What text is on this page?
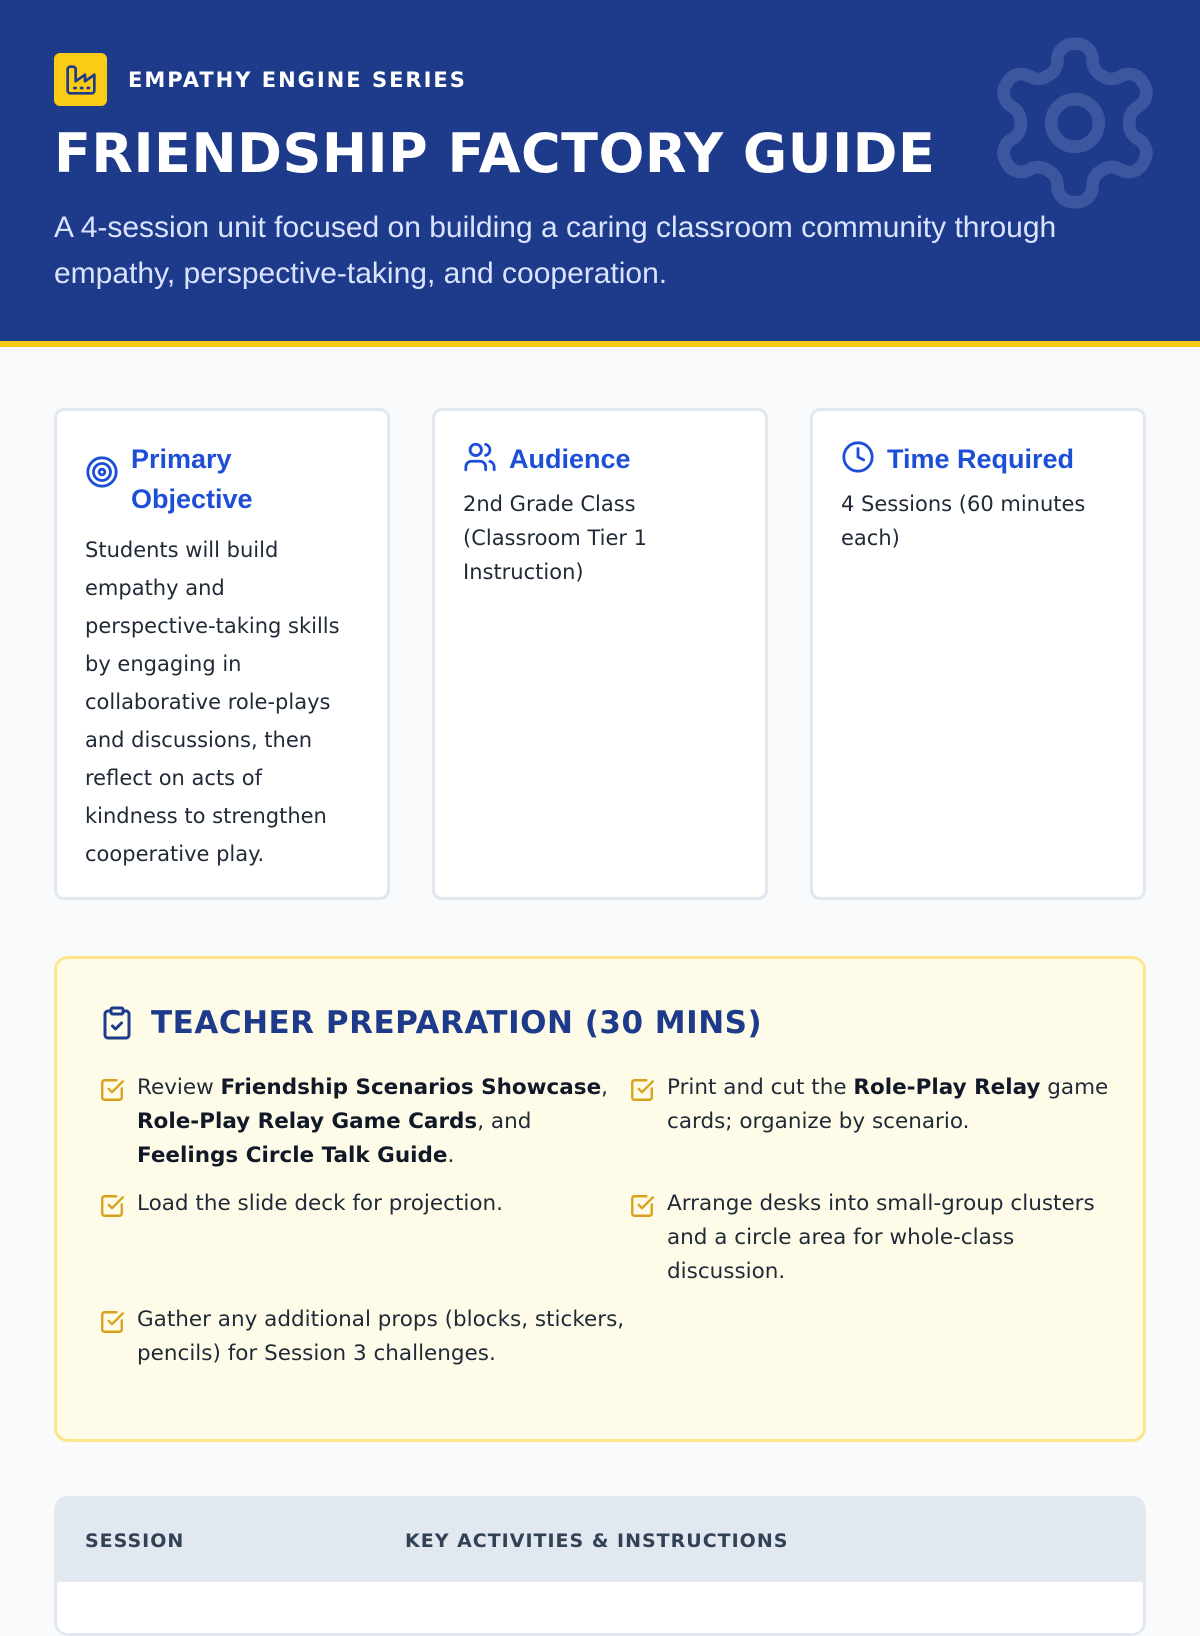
EMPATHY ENGINE SERIES
FRIENDSHIP FACTORY GUIDE

A 4-session unit focused on building a caring classroom community through empathy, perspective-taking, and cooperation.

Primary Objective

Students will build empathy and perspective-taking skills by engaging in collaborative role-plays and discussions, then reflect on acts of kindness to strengthen cooperative play.

Audience

2nd Grade Class (Classroom Tier 1 Instruction)

Time Required

4 Sessions (60 minutes each)

TEACHER PREPARATION (30 MINS)
Review Friendship Scenarios Showcase, Role-Play Relay Game Cards, and Feelings Circle Talk Guide.
Print and cut the Role-Play Relay game cards; organize by scenario.
Load the slide deck for projection.	Arrange desks into small-group clusters and a circle area for whole-class discussion.
Gather any additional props (blocks, stickers, pencils) for Session 3 challenges.
SESSION	KEY ACTIVITIES & INSTRUCTIONS
